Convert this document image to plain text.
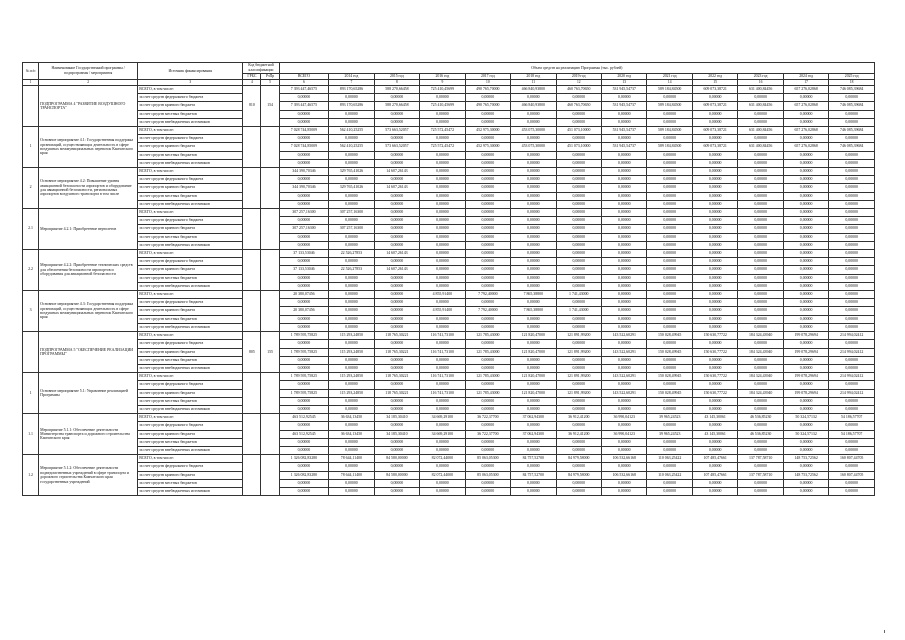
№ п/п	Наименование Государственной программы / подпрограммы / мероприятия	Источник финансирования	Код бюджетной классификации		Объем средств на реализацию Программы (тыс. рублей)												
			ГРБС	РзПр	ВСЕГО	2014 год	2015 год	2016 год	2017 год	2018 год	2019 год	2020 год	2021 год	2022 год	2023 год	2024 год	2025 год

1	2	3	4	5	6	7	8	9	10	11	12	13	14	15	16	17	18
	ПОДПРОГРАММА 4 "РАЗВИТИЕ ВОЗДУШНОГО ТРАНСПОРТА"	ВСЕГО, в том числе:	810	154	7 393 447,46575	893 170,65286	588 270,66458	725 410,45699	490 765,70000	466 840,93800	460 763,70650	531 945,54737	589 184,84500	609 073,38721	631 400,84456	657 276,02868	746 085,39684
		за счет средств федерального бюджета			0,00000	0,00000	0,00000	0,00000	0,00000	0,00000	0,00000	0,00000	0,00000	0,00000	0,00000	0,00000	0,00000
		за счет средств краевого бюджета			7 393 447,46575	893 170,65286	588 270,66458	725 410,45699	490 765,70000	466 840,93800	460 763,70650	531 945,54737	589 184,84500	609 073,38721	631 400,84456	657 276,02868	746 085,39684
		за счет средств местных бюджетов			0,00000	0,00000	0,00000	0,00000	0,00000	0,00000	0,00000	0,00000	0,00000	0,00000	0,00000	0,00000	0,00000
		за счет средств внебюджетных источников			0,00000	0,00000	0,00000	0,00000	0,00000	0,00000	0,00000	0,00000	0,00000	0,00000	0,00000	0,00000	0,00000
1	Основное мероприятие 4.1: Государственная поддержка организаций, осуществляющих деятельность в сфере воздушных межмуниципальных перевозок Камчатского края	ВСЕГО, в том числе:			7 028 744,85009	562 410,25255	573 663,52057	725 572,45472	452 975,30000	453 075,30000	451 073,10000	531 945,54737	589 184,84500	609 073,38721	631 400,84456	657 276,02868	746 085,39684
		за счет средств федерального бюджета			0,00000	0,00000	0,00000	0,00000	0,00000	0,00000	0,00000	0,00000	0,00000	0,00000	0,00000	0,00000	0,00000
		за счет средств краевого бюджета			7 028 744,85009	562 410,25255	573 663,52057	725 572,45472	452 975,30000	453 075,30000	451 073,10000	531 945,54737	589 184,84500	609 073,38721	631 400,84456	657 276,02868	746 085,39684
		за счет средств местных бюджетов			0,00000	0,00000	0,00000	0,00000	0,00000	0,00000	0,00000	0,00000	0,00000	0,00000	0,00000	0,00000	0,00000
		за счет средств внебюджетных источников			0,00000	0,00000	0,00000	0,00000	0,00000	0,00000	0,00000	0,00000	0,00000	0,00000	0,00000	0,00000	0,00000
2	Основное мероприятие 4.2: Повышение уровня авиационной безопасности аэропортов и оборудование для авиационной безопасности, региональных аэропортов воздушного транспорта в том числе	ВСЕГО, в том числе:			344 390,70346	329 765,41026	14 607,26143	0,00000	0,00000	0,00000	0,00000	0,00000	0,00000	0,00000	0,00000	0,00000	0,00000
		за счет средств федерального бюджета			0,00000	0,00000	0,00000	0,00000	0,00000	0,00000	0,00000	0,00000	0,00000	0,00000	0,00000	0,00000	0,00000
		за счет средств краевого бюджета			344 390,70346	329 765,41026	14 607,26143	0,00000	0,00000	0,00000	0,00000	0,00000	0,00000	0,00000	0,00000	0,00000	0,00000
		за счет средств местных бюджетов			0,00000	0,00000	0,00000	0,00000	0,00000	0,00000	0,00000	0,00000	0,00000	0,00000	0,00000	0,00000	0,00000
		за счет средств внебюджетных источников			0,00000	0,00000	0,00000	0,00000	0,00000	0,00000	0,00000	0,00000	0,00000	0,00000	0,00000	0,00000	0,00000
2.1	Мероприятие 4.2.1: Приобретение вертолетов	ВСЕГО, в том числе:			307 257,16300	307 257,16300	0,00000	0,00000	0,00000	0,00000	0,00000	0,00000	0,00000	0,00000	0,00000	0,00000	0,00000
		за счет средств федерального бюджета			0,00000	0,00000	0,00000	0,00000	0,00000	0,00000	0,00000	0,00000	0,00000	0,00000	0,00000	0,00000	0,00000
		за счет средств краевого бюджета			307 257,16300	307 257,16300	0,00000	0,00000	0,00000	0,00000	0,00000	0,00000	0,00000	0,00000	0,00000	0,00000	0,00000
		за счет средств местных бюджетов			0,00000	0,00000	0,00000	0,00000	0,00000	0,00000	0,00000	0,00000	0,00000	0,00000	0,00000	0,00000	0,00000
		за счет средств внебюджетных источников			0,00000	0,00000	0,00000	0,00000	0,00000	0,00000	0,00000	0,00000	0,00000	0,00000	0,00000	0,00000	0,00000
2.2	Мероприятие 4.2.2: Приобретение технических средств для обеспечения безопасности аэропортов и оборудования для авиационной безопасности	ВСЕГО, в том числе:			37 133,53046	22 526,27853	14 607,26143	0,00000	0,00000	0,00000	0,00000	0,00000	0,00000	0,00000	0,00000	0,00000	0,00000
		за счет средств федерального бюджета			0,00000	0,00000	0,00000	0,00000	0,00000	0,00000	0,00000	0,00000	0,00000	0,00000	0,00000	0,00000	0,00000
		за счет средств краевого бюджета			37 133,53046	22 526,27853	14 607,26143	0,00000	0,00000	0,00000	0,00000	0,00000	0,00000	0,00000	0,00000	0,00000	0,00000
		за счет средств местных бюджетов			0,00000	0,00000	0,00000	0,00000	0,00000	0,00000	0,00000	0,00000	0,00000	0,00000	0,00000	0,00000	0,00000
		за счет средств внебюджетных источников			0,00000	0,00000	0,00000	0,00000	0,00000	0,00000	0,00000	0,00000	0,00000	0,00000	0,00000	0,00000	0,00000
3	Основное мероприятие 4.3: Государственная поддержка организаций, осуществляющих деятельность в сфере воздушных межмуниципальных перевозок Камчатского края	ВСЕГО, в том числе:			20 380,07456	0,00000	0,00000	4 855,91400	7 792,40000	7 865,38800	1 741,43000	0,00000	0,00000	0,00000	0,00000	0,00000	0,00000
		за счет средств федерального бюджета			0,00000	0,00000	0,00000	0,00000	0,00000	0,00000	0,00000	0,00000	0,00000	0,00000	0,00000	0,00000	0,00000
		за счет средств краевого бюджета			20 380,07456	0,00000	0,00000	4 855,91400	7 792,40000	7 865,38800	1 741,43000	0,00000	0,00000	0,00000	0,00000	0,00000	0,00000
		за счет средств местных бюджетов			0,00000	0,00000	0,00000	0,00000	0,00000	0,00000	0,00000	0,00000	0,00000	0,00000	0,00000	0,00000	0,00000
		за счет средств внебюджетных источников			0,00000	0,00000	0,00000	0,00000	0,00000	0,00000	0,00000	0,00000	0,00000	0,00000	0,00000	0,00000	0,00000
	ПОДПРОГРАММА 5 "ОБЕСПЕЧЕНИЕ РЕАЛИЗАЦИИ ПРОГРАММЫ"	ВСЕГО, в том числе:	805	155	1 789 595,75825	115 293,24850	118 765,30221	116 741,73100	121 785,43000	121 820,47000	121 891,99200	143 522,60291	150 028,49945	150 630,77722	184 324,43940	199 078,29694	214 994,02412
		за счет средств федерального бюджета			0,00000	0,00000	0,00000	0,00000	0,00000	0,00000	0,00000	0,00000	0,00000	0,00000	0,00000	0,00000	0,00000
		за счет средств краевого бюджета			1 789 595,75825	115 293,24850	118 765,30221	116 741,73100	121 785,43000	121 820,47000	121 891,99200	143 522,60291	150 028,49945	150 630,77722	184 324,43940	199 078,29694	214 994,02412
		за счет средств местных бюджетов			0,00000	0,00000	0,00000	0,00000	0,00000	0,00000	0,00000	0,00000	0,00000	0,00000	0,00000	0,00000	0,00000
		за счет средств внебюджетных источников			0,00000	0,00000	0,00000	0,00000	0,00000	0,00000	0,00000	0,00000	0,00000	0,00000	0,00000	0,00000	0,00000
1	Основное мероприятие 5.1: Управление реализацией Программы	ВСЕГО, в том числе:			1 789 595,75825	115 293,24850	118 765,30221	116 741,73100	121 785,43000	121 820,47000	121 891,99200	143 522,60291	150 028,49945	150 630,77722	184 324,43940	199 078,29694	214 994,02412
		за счет средств федерального бюджета			0,00000	0,00000	0,00000	0,00000	0,00000	0,00000	0,00000	0,00000	0,00000	0,00000	0,00000	0,00000	0,00000
		за счет средств краевого бюджета			1 789 595,75825	115 293,24850	118 765,30221	116 741,73100	121 785,43000	121 820,47000	121 891,99200	143 522,60291	150 028,49945	150 630,77722	184 324,43940	199 078,29694	214 994,02412
		за счет средств местных бюджетов			0,00000	0,00000	0,00000	0,00000	0,00000	0,00000	0,00000	0,00000	0,00000	0,00000	0,00000	0,00000	0,00000
		за счет средств внебюджетных источников			0,00000	0,00000	0,00000	0,00000	0,00000	0,00000	0,00000	0,00000	0,00000	0,00000	0,00000	0,00000	0,00000
1.1	Мероприятие 5.1.1: Обеспечение деятельности Министерства транспорта и дорожного строительства Камчатского края	ВСЕГО, в том числе:			463 512,92545	36 634,13450	34 185,30410	34 669,29100	36 722,37700	37 062,94300	36 912,41200	36 990,04123	39 965,24523	43 145,30061	46 536,85230	50 324,57132	54 186,57707
		за счет средств федерального бюджета			0,00000	0,00000	0,00000	0,00000	0,00000	0,00000	0,00000	0,00000	0,00000	0,00000	0,00000	0,00000	0,00000
		за счет средств краевого бюджета			463 512,92545	36 634,13450	34 185,30410	34 669,29100	36 722,37700	37 062,94300	36 912,41200	36 990,04123	39 965,24523	43 145,30061	46 536,85230	50 324,57132	54 186,57707
		за счет средств местных бюджетов			0,00000	0,00000	0,00000	0,00000	0,00000	0,00000	0,00000	0,00000	0,00000	0,00000	0,00000	0,00000	0,00000
		за счет средств внебюджетных источников			0,00000	0,00000	0,00000	0,00000	0,00000	0,00000	0,00000	0,00000	0,00000	0,00000	0,00000	0,00000	0,00000
1.2	Мероприятие 5.1.2: Обеспечение деятельности подведомственных учреждений в сфере транспорта и дорожного строительства Камчатского края государственных учреждений	ВСЕГО, в том числе:			1 326 082,83280	78 644,11400	84 580,00000	82 072,44000	85 063,05300	84 757,52700	84 979,58000	106 532,66168	110 063,25422	107 485,47661	137 787,58710	148 753,72562	160 807,44705
		за счет средств федерального бюджета			0,00000	0,00000	0,00000	0,00000	0,00000	0,00000	0,00000	0,00000	0,00000	0,00000	0,00000	0,00000	0,00000
		за счет средств краевого бюджета			1 326 082,83280	78 644,11400	84 580,00000	82 072,44000	85 063,05300	84 757,52700	84 979,58000	106 532,66168	110 063,25422	107 485,47661	137 787,58710	148 753,72562	160 807,44705
		за счет средств местных бюджетов			0,00000	0,00000	0,00000	0,00000	0,00000	0,00000	0,00000	0,00000	0,00000	0,00000	0,00000	0,00000	0,00000
		за счет средств внебюджетных источников			0,00000	0,00000	0,00000	0,00000	0,00000	0,00000	0,00000	0,00000	0,00000	0,00000	0,00000	0,00000	0,00000
